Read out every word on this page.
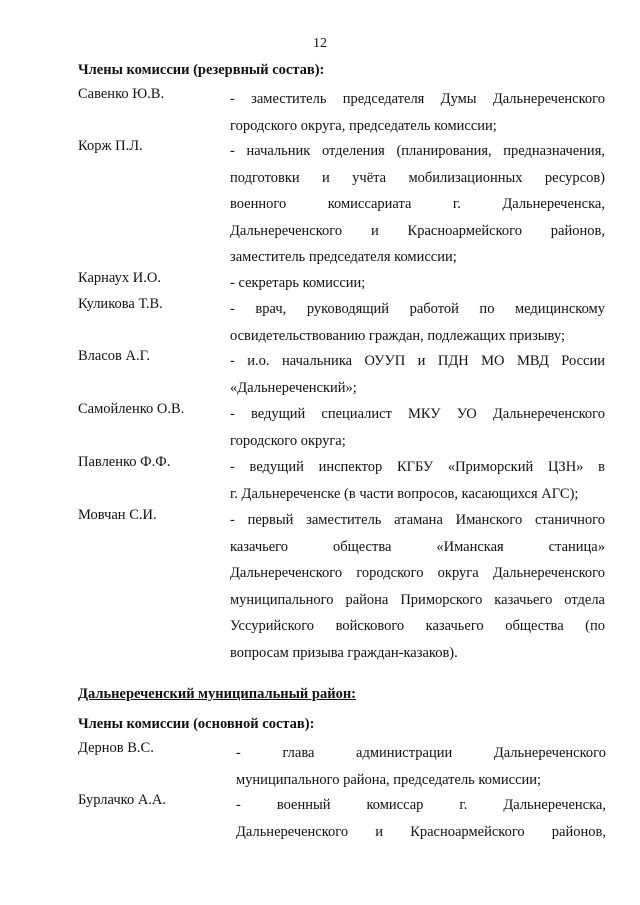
12
Члены комиссии (резервный состав):
Савенко Ю.В.	- заместитель председателя Думы Дальнереченского
городского округа, председатель комиссии;
Корж П.Л.	- начальник отделения (планирования, предназначения,
подготовки и учёта мобилизационных ресурсов)
военного комиссариата г. Дальнереченска,
Дальнереченского и Красноармейского районов,
заместитель председателя комиссии;
Карнаух И.О.	- секретарь комиссии;
Куликова Т.В.	- врач, руководящий работой по медицинскому
освидетельствованию граждан, подлежащих призыву;
Власов А.Г.	- и.о. начальника ОУУП и ПДН МО МВД России
«Дальнереченский»;
Самойленко О.В.	- ведущий специалист МКУ УО Дальнереченского
городского округа;
Павленко Ф.Ф.	- ведущий инспектор КГБУ «Приморский ЦЗН» в
г. Дальнереченске (в части вопросов, касающихся АГС);
Мовчан С.И.	- первый заместитель атамана Иманского станичного
казачьего общества «Иманская станица»
Дальнереченского городского округа Дальнереченского
муниципального района Приморского казачьего отдела
Уссурийского войскового казачьего общества (по
вопросам призыва граждан-казаков).
Дальнереченский муниципальный район:
Члены комиссии (основной состав):
Дернов В.С.	- глава администрации Дальнереченского
муниципального района, председатель комиссии;
Бурлачко А.А.	- военный комиссар г. Дальнереченска,
Дальнереченского и Красноармейского районов,
